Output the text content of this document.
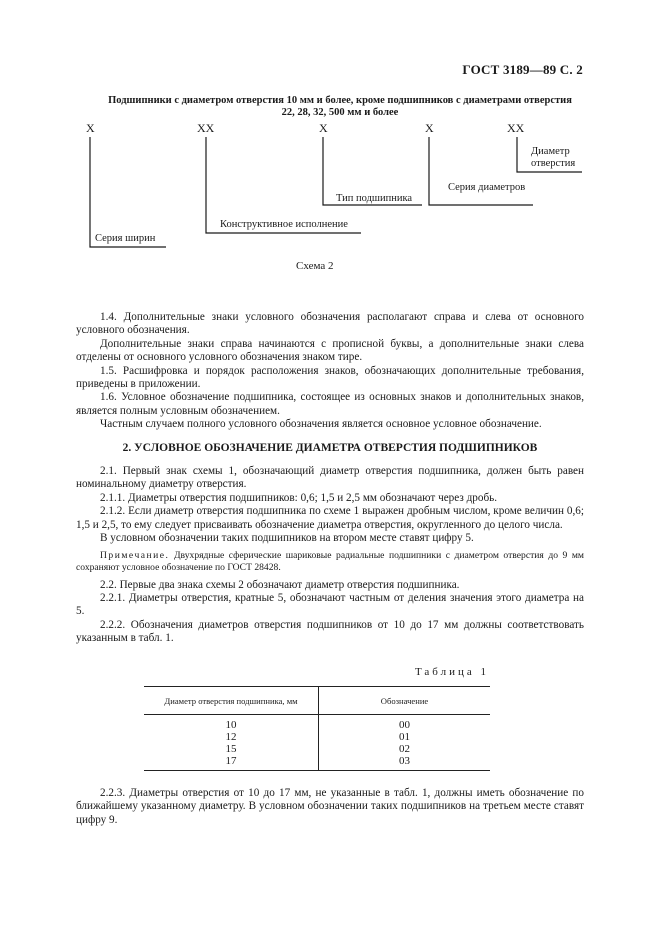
ГОСТ 3189—89 С. 2
Подшипники с диаметром отверстия 10 мм и более, кроме подшипников с диаметрами отверстия
22, 28, 32, 500 мм и более
X	XX	X	X	XX
Диаметр
отверстия
Серия диаметров
Тип подшипника
Конструктивное исполнение
Серия ширин
Схема 2

1.4. Дополнительные знаки условного обозначения располагают справа и слева от основного условного обозначения.

Дополнительные знаки справа начинаются с прописной буквы, а дополнительные знаки слева отделены от основного условного обозначения знаком тире.

1.5. Расшифровка и порядок расположения знаков, обозначающих дополнительные требования, приведены в приложении.

1.6. Условное обозначение подшипника, состоящее из основных знаков и дополнительных знаков, является полным условным обозначением.

Частным случаем полного условного обозначения является основное условное обозначение.

2. УСЛОВНОЕ ОБОЗНАЧЕНИЕ ДИАМЕТРА ОТВЕРСТИЯ ПОДШИПНИКОВ

2.1. Первый знак схемы 1, обозначающий диаметр отверстия подшипника, должен быть равен номинальному диаметру отверстия.

2.1.1. Диаметры отверстия подшипников: 0,6; 1,5 и 2,5 мм обозначают через дробь.

2.1.2. Если диаметр отверстия подшипника по схеме 1 выражен дробным числом, кроме величин 0,6; 1,5 и 2,5, то ему следует присваивать обозначение диаметра отверстия, округленного до целого числа.

В условном обозначении таких подшипников на втором месте ставят цифру 5.

Примечание. Двухрядные сферические шариковые радиальные подшипники с диаметром отверстия до 9 мм сохраняют условное обозначение по ГОСТ 28428.

2.2. Первые два знака схемы 2 обозначают диаметр отверстия подшипника.

2.2.1. Диаметры отверстия, кратные 5, обозначают частным от деления значения этого диаметра на 5.

2.2.2. Обозначения диаметров отверстия подшипников от 10 до 17 мм должны соответствовать указанным в табл. 1.

Таблица 1
Диаметр отверстия подшипника, мм	Обозначение
10	00
12	01
15	02
17	03

2.2.3. Диаметры отверстия от 10 до 17 мм, не указанные в табл. 1, должны иметь обозначение по ближайшему указанному диаметру. В условном обозначении таких подшипников на третьем месте ставят цифру 9.
